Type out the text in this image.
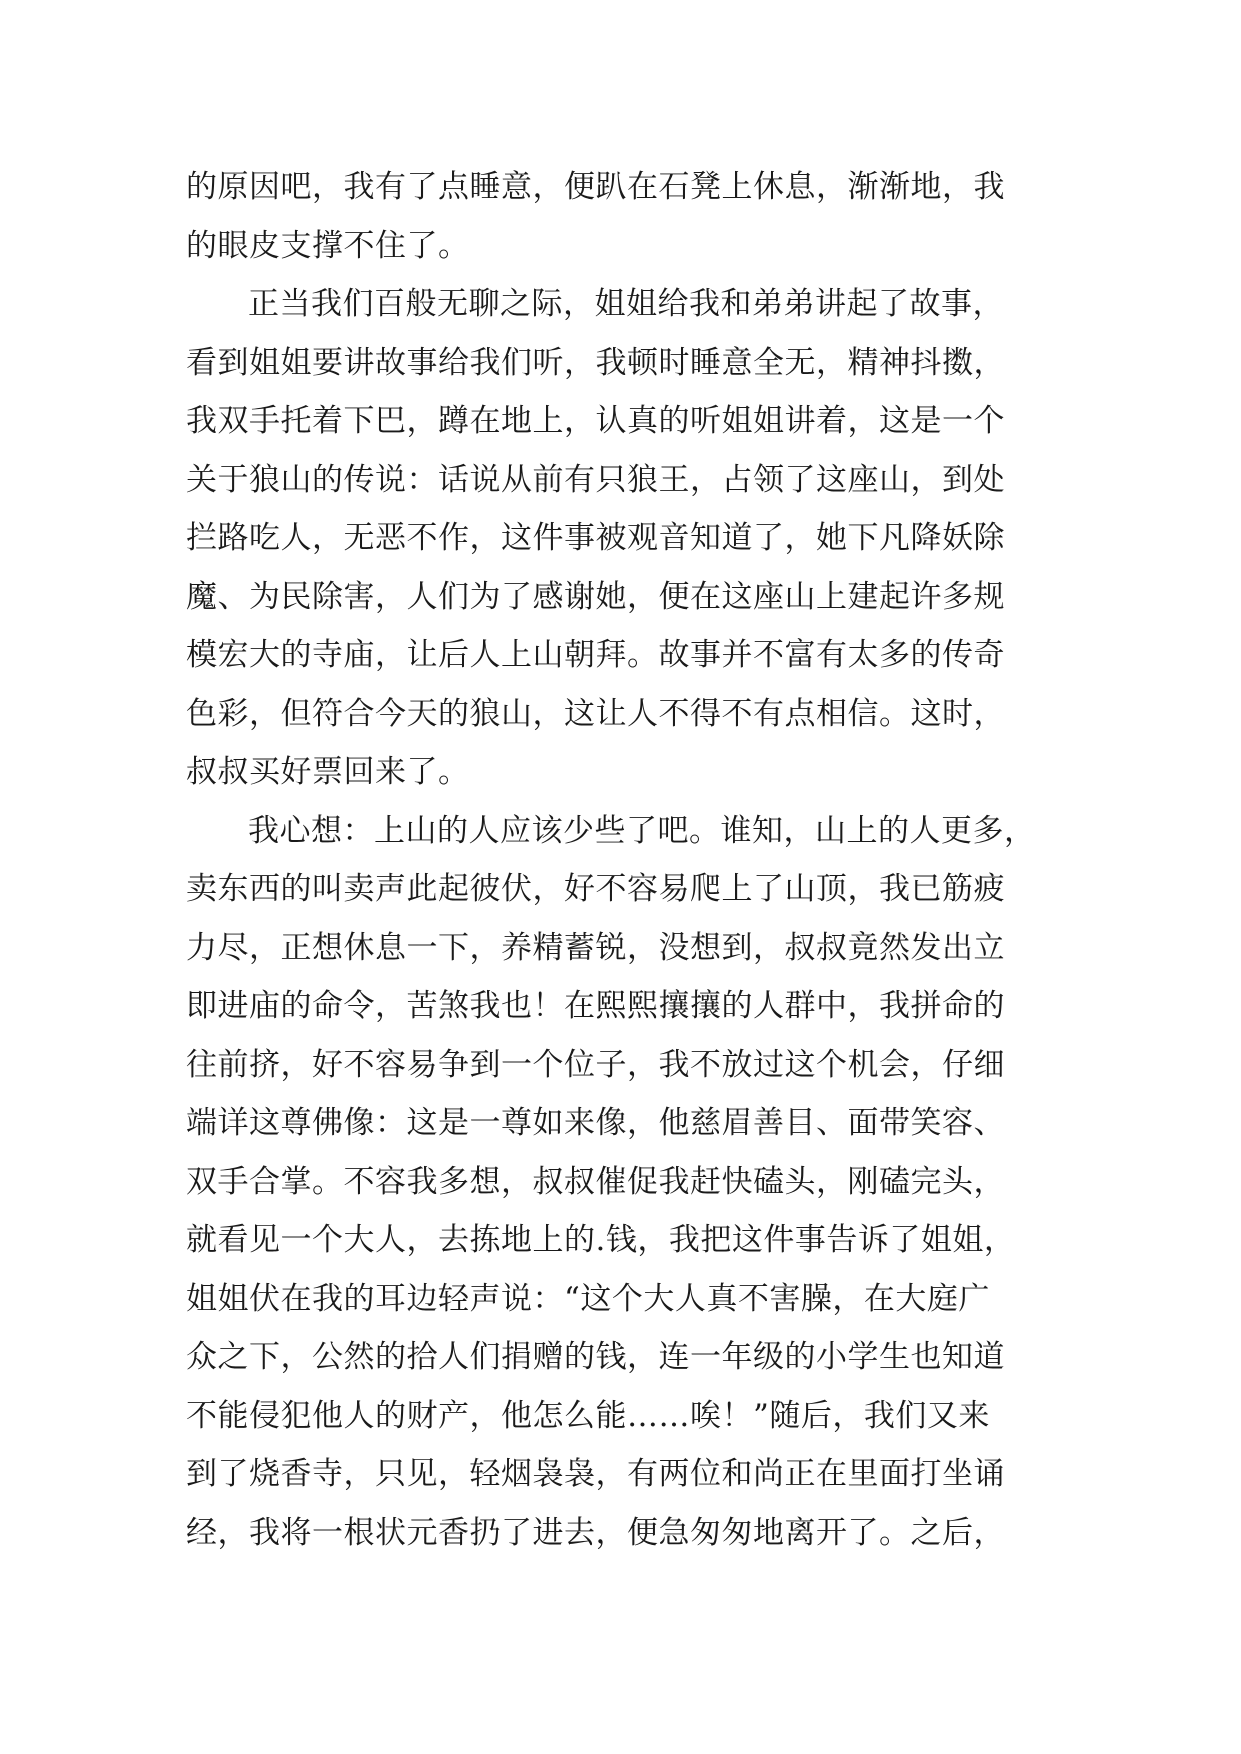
的原因吧，我有了点睡意，便趴在石凳上休息，渐渐地，我
的眼皮支撑不住了。
正当我们百般无聊之际，姐姐给我和弟弟讲起了故事，
看到姐姐要讲故事给我们听，我顿时睡意全无，精神抖擞，
我双手托着下巴，蹲在地上，认真的听姐姐讲着，这是一个
关于狼山的传说：话说从前有只狼王，占领了这座山，到处
拦路吃人，无恶不作，这件事被观音知道了，她下凡降妖除
魔、为民除害，人们为了感谢她，便在这座山上建起许多规
模宏大的寺庙，让后人上山朝拜。故事并不富有太多的传奇
色彩，但符合今天的狼山，这让人不得不有点相信。这时，
叔叔买好票回来了。
我心想：上山的人应该少些了吧。谁知，山上的人更多，
卖东西的叫卖声此起彼伏，好不容易爬上了山顶，我已筋疲
力尽，正想休息一下，养精蓄锐，没想到，叔叔竟然发出立
即进庙的命令，苦煞我也！在熙熙攘攘的人群中，我拼命的
往前挤，好不容易争到一个位子，我不放过这个机会，仔细
端详这尊佛像：这是一尊如来像，他慈眉善目、面带笑容、
双手合掌。不容我多想，叔叔催促我赶快磕头，刚磕完头，
就看见一个大人，去拣地上的.钱，我把这件事告诉了姐姐，
姐姐伏在我的耳边轻声说：“这个大人真不害臊，在大庭广
众之下，公然的拾人们捐赠的钱，连一年级的小学生也知道
不能侵犯他人的财产，他怎么能……唉！”随后，我们又来
到了烧香寺，只见，轻烟袅袅，有两位和尚正在里面打坐诵
经，我将一根状元香扔了进去，便急匆匆地离开了。之后，
